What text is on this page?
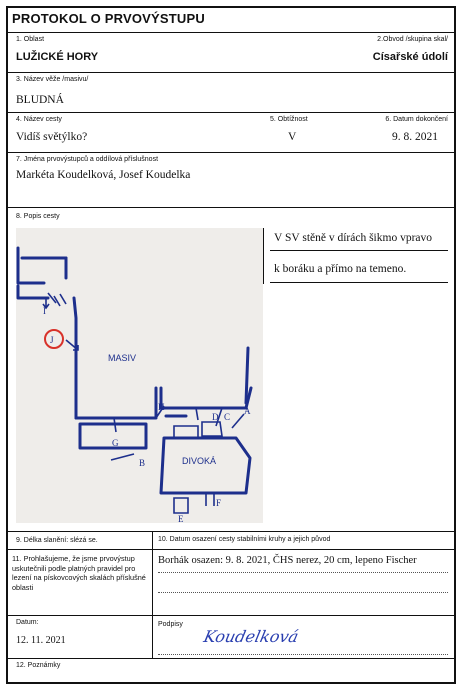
PROTOKOL O PRVOVÝSTUPU
1. Oblast
LUŽICKÉ HORY
2.Obvod /skupina skal/
Císařské údolí
3. Název věže /masivu/
BLUDNÁ
4. Název cesty
Vidíš světýlko?
5. Obtížnost
V
6. Datum dokončení
9. 8. 2021
7. Jména prvovýstupců a oddílová příslušnost
Markéta Koudelková, Josef Koudelka
8. Popis cesty
V SV stěně v dírách šikmo vpravo
k boráku a přímo na temeno.
MASIV
DIVOKÁ
I
J
H
G
D
A
B
C
E
F
9. Délka slanění: slézá se.	10. Datum osazení cesty stabilními kruhy a jejich původ
11. Prohlašujeme, že jsme prvovýstup uskutečnili podle platných pravidel pro lezení na pískovcových skalách příslušné oblasti
Borhák osazen: 9. 8. 2021, ČHS nerez, 20 cm, lepeno Fischer
Datum:
12. 11. 2021
Podpisy
Koudelková
12. Poznámky
